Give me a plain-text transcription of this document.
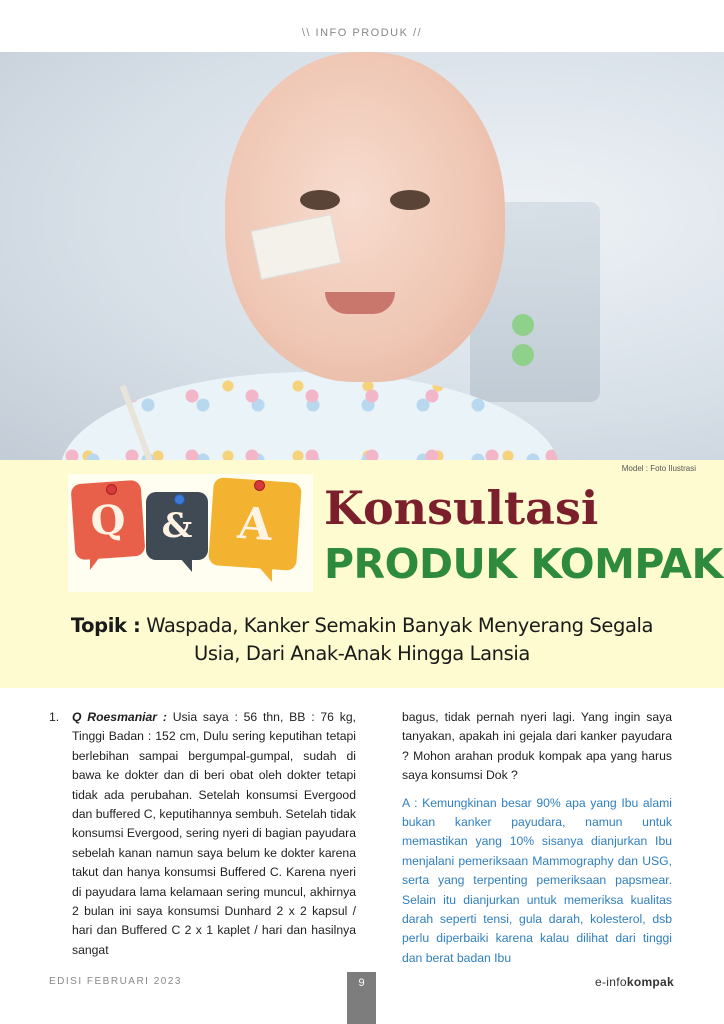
\\ INFO PRODUK //
Model : Foto Ilustrasi
Q	& A	Konsultasi
PRODUK KOMPAK
Topik : Waspada, Kanker Semakin Banyak Menyerang Segala Usia, Dari Anak-Anak Hingga Lansia
1. Q Roesmaniar : Usia saya : 56 thn, BB : 76 kg, Tinggi Badan : 152 cm, Dulu sering keputihan tetapi berlebihan sampai bergumpal-gumpal, sudah di bawa ke dokter dan di beri obat oleh dokter tetapi tidak ada perubahan. Setelah konsumsi Evergood dan buffered C, keputihannya sembuh. Setelah tidak konsumsi Evergood, sering nyeri di bagian payudara sebelah kanan namun saya belum ke dokter karena takut dan hanya konsumsi Buffered C. Karena nyeri di payudara lama kelamaan sering muncul, akhirnya 2 bulan ini saya konsumsi Dunhard 2 x 2 kapsul / hari dan Buffered C 2 x 1 kaplet / hari dan hasilnya sangat
bagus, tidak pernah nyeri lagi. Yang ingin saya tanyakan, apakah ini gejala dari kanker payudara ? Mohon arahan produk kompak apa yang harus saya konsumsi Dok ?
A : Kemungkinan besar 90% apa yang Ibu alami bukan kanker payudara, namun untuk memastikan yang 10% sisanya dianjurkan Ibu menjalani pemeriksaan Mammography dan USG, serta yang terpenting pemeriksaan papsmear. Selain itu dianjurkan untuk memeriksa kualitas darah seperti tensi, gula darah, kolesterol, dsb perlu diperbaiki karena kalau dilihat dari tinggi dan berat badan Ibu
EDISI FEBRUARI 2023	9	e-infokompak
